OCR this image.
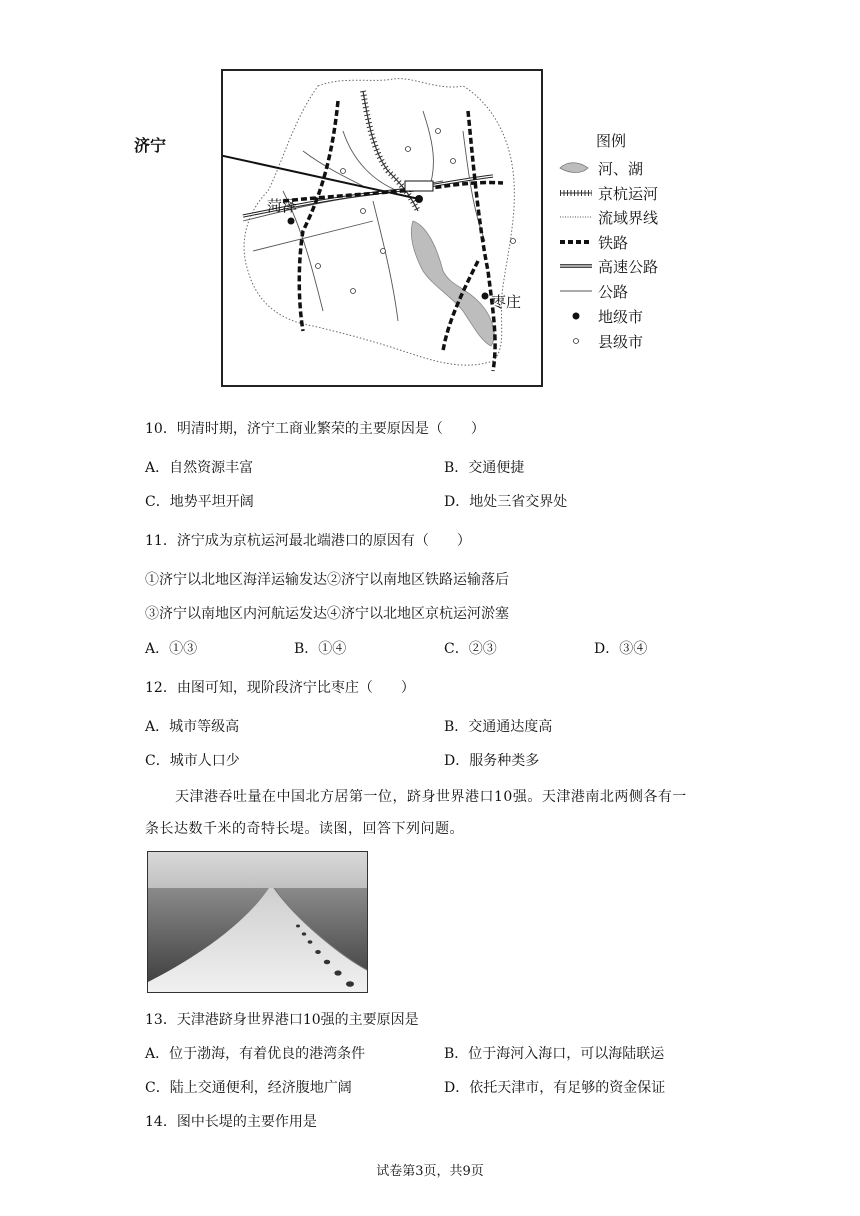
菏泽
枣庄
济宁	图例
河、湖
京杭运河
流域界线
铁路
高速公路
公路
地级市
县级市
10．明清时期，济宁工商业繁荣的主要原因是（　　）
A．自然资源丰富	B．交通便捷
C．地势平坦开阔	D．地处三省交界处
11．济宁成为京杭运河最北端港口的原因有（　　）
①济宁以北地区海洋运输发达②济宁以南地区铁路运输落后
③济宁以南地区内河航运发达④济宁以北地区京杭运河淤塞
A．①③	B．①④	C．②③	D．③④
12．由图可知，现阶段济宁比枣庄（　　）
A．城市等级高	B．交通通达度高
C．城市人口少	D．服务种类多
天津港吞吐量在中国北方居第一位，跻身世界港口10强。天津港南北两侧各有一
条长达数千米的奇特长堤。读图，回答下列问题。
13．天津港跻身世界港口10强的主要原因是
A．位于渤海，有着优良的港湾条件	B．位于海河入海口，可以海陆联运
C．陆上交通便利，经济腹地广阔	D．依托天津市，有足够的资金保证
14．图中长堤的主要作用是
试卷第3页，共9页
